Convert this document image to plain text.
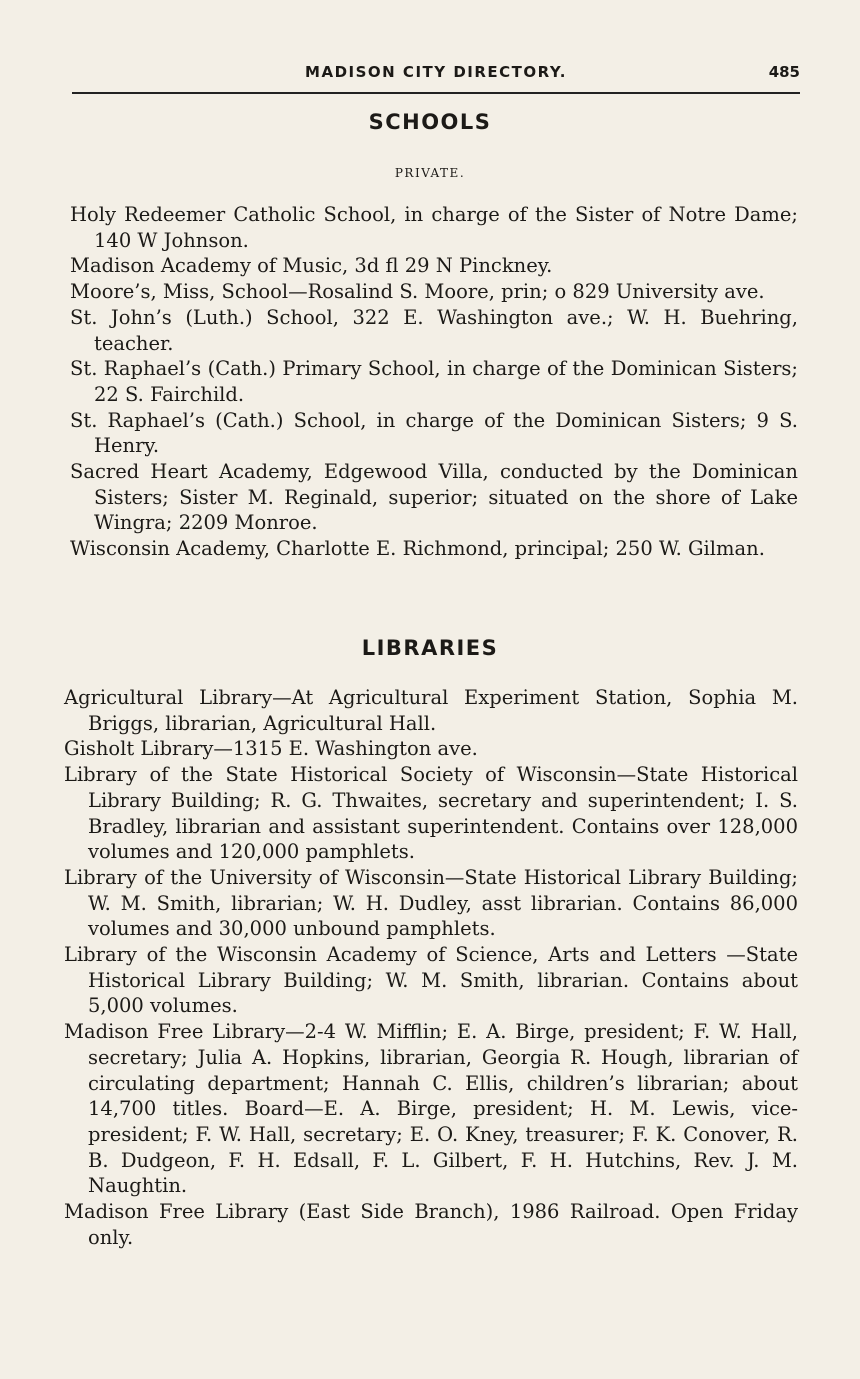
MADISON CITY DIRECTORY.	485
SCHOOLS
PRIVATE.
Holy Redeemer Catholic School, in charge of the Sister of Notre Dame; 140 W Johnson.
Madison Academy of Music, 3d fl 29 N Pinckney.
Moore’s, Miss, School—Rosalind S. Moore, prin; o 829 University ave.
St. John’s (Luth.) School, 322 E. Washington ave.; W. H. Buehring, teacher.
St. Raphael’s (Cath.) Primary School, in charge of the Dominican Sisters; 22 S. Fairchild.
St. Raphael’s (Cath.) School, in charge of the Dominican Sisters; 9 S. Henry.
Sacred Heart Academy, Edgewood Villa, conducted by the Dominican Sisters; Sister M. Reginald, superior; situated on the shore of Lake Wingra; 2209 Monroe.
Wisconsin Academy, Charlotte E. Richmond, principal; 250 W. Gilman.
LIBRARIES
Agricultural Library—At Agricultural Experiment Station, Sophia M. Briggs, librarian, Agricultural Hall.
Gisholt Library—1315 E. Washington ave.
Library of the State Historical Society of Wisconsin—State Historical Library Building; R. G. Thwaites, secretary and superintendent; I. S. Bradley, librarian and assistant superintendent. Contains over 128,000 volumes and 120,000 pamphlets.
Library of the University of Wisconsin—State Historical Library Building; W. M. Smith, librarian; W. H. Dudley, asst librarian. Contains 86,000 volumes and 30,000 unbound pamphlets.
Library of the Wisconsin Academy of Science, Arts and Letters —State Historical Library Building; W. M. Smith, librarian. Contains about 5,000 volumes.
Madison Free Library—2-4 W. Mifflin; E. A. Birge, president; F. W. Hall, secretary; Julia A. Hopkins, librarian, Georgia R. Hough, librarian of circulating department; Hannah C. Ellis, children’s librarian; about 14,700 titles. Board—E. A. Birge, president; H. M. Lewis, vice-president; F. W. Hall, secretary; E. O. Kney, treasurer; F. K. Conover, R. B. Dudgeon, F. H. Edsall, F. L. Gilbert, F. H. Hutchins, Rev. J. M. Naughtin.
Madison Free Library (East Side Branch), 1986 Railroad. Open Friday only.
